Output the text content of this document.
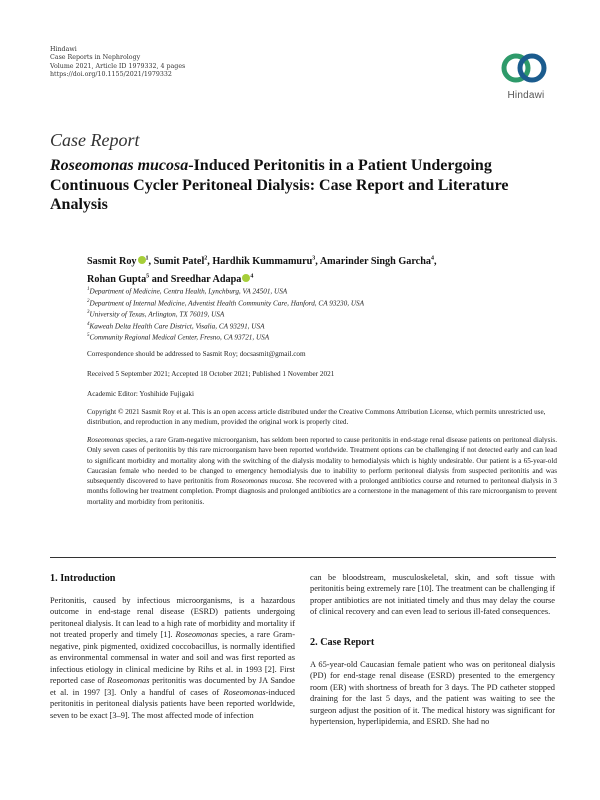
Hindawi
Case Reports in Nephrology
Volume 2021, Article ID 1979332, 4 pages
https://doi.org/10.1155/2021/1979332
Hindawi
Case Report
Roseomonas mucosa-Induced Peritonitis in a Patient Undergoing Continuous Cycler Peritoneal Dialysis: Case Report and Literature Analysis
Sasmit Roy $^1$, Sumit Patel$^2$, Hardhik Kummamuru$^3$, Amarinder Singh Garcha$^4$,
Rohan Gupta$^5$ and Sreedhar Adapa $^4$
$^1$Department of Medicine, Centra Health, Lynchburg, VA 24501, USA
$^2$Department of Internal Medicine, Adventist Health Community Care, Hanford, CA 93230, USA
$^3$University of Texas, Arlington, TX 76019, USA
$^4$Kaweah Delta Health Care District, Visalia, CA 93291, USA
$^5$Community Regional Medical Center, Fresno, CA 93721, USA
Correspondence should be addressed to Sasmit Roy; docsasmit@gmail.com
Received 5 September 2021; Accepted 18 October 2021; Published 1 November 2021
Academic Editor: Yoshihide Fujigaki
Copyright © 2021 Sasmit Roy et al. This is an open access article distributed under the Creative Commons Attribution License, which permits unrestricted use, distribution, and reproduction in any medium, provided the original work is properly cited.
Roseomonas species, a rare Gram-negative microorganism, has seldom been reported to cause peritonitis in end-stage renal disease patients on peritoneal dialysis. Only seven cases of peritonitis by this rare microorganism have been reported worldwide. Treatment options can be challenging if not detected early and can lead to significant morbidity and mortality along with the switching of the dialysis modality to hemodialysis which is highly undesirable. Our patient is a 65-year-old Caucasian female who needed to be changed to emergency hemodialysis due to inability to perform peritoneal dialysis from suspected peritonitis and was subsequently discovered to have peritonitis from Roseomonas mucosa. She recovered with a prolonged antibiotics course and returned to peritoneal dialysis in 3 months following her treatment completion. Prompt diagnosis and prolonged antibiotics are a cornerstone in the management of this rare microorganism to prevent mortality and morbidity from peritonitis.
1. Introduction

Peritonitis, caused by infectious microorganisms, is a hazardous outcome in end-stage renal disease (ESRD) patients undergoing peritoneal dialysis. It can lead to a high rate of morbidity and mortality if not treated properly and timely [1]. Roseomonas species, a rare Gram-negative, pink pigmented, oxidized coccobacillus, is normally identified as environmental commensal in water and soil and was first reported as infectious etiology in clinical medicine by Rihs et al. in 1993 [2]. First reported case of Roseomonas peritonitis was documented by JA Sandoe et al. in 1997 [3]. Only a handful of cases of Roseomonas-induced peritonitis in peritoneal dialysis patients have been reported worldwide, seven to be exact [3–9]. The most affected mode of infection

can be bloodstream, musculoskeletal, skin, and soft tissue with peritonitis being extremely rare [10]. The treatment can be challenging if proper antibiotics are not initiated timely and thus may delay the course of clinical recovery and can even lead to serious ill-fated consequences.

2. Case Report

A 65-year-old Caucasian female patient who was on peritoneal dialysis (PD) for end-stage renal disease (ESRD) presented to the emergency room (ER) with shortness of breath for 3 days. The PD catheter stopped draining for the last 5 days, and the patient was waiting to see the surgeon adjust the position of it. The medical history was significant for hypertension, hyperlipidemia, and ESRD. She had no
